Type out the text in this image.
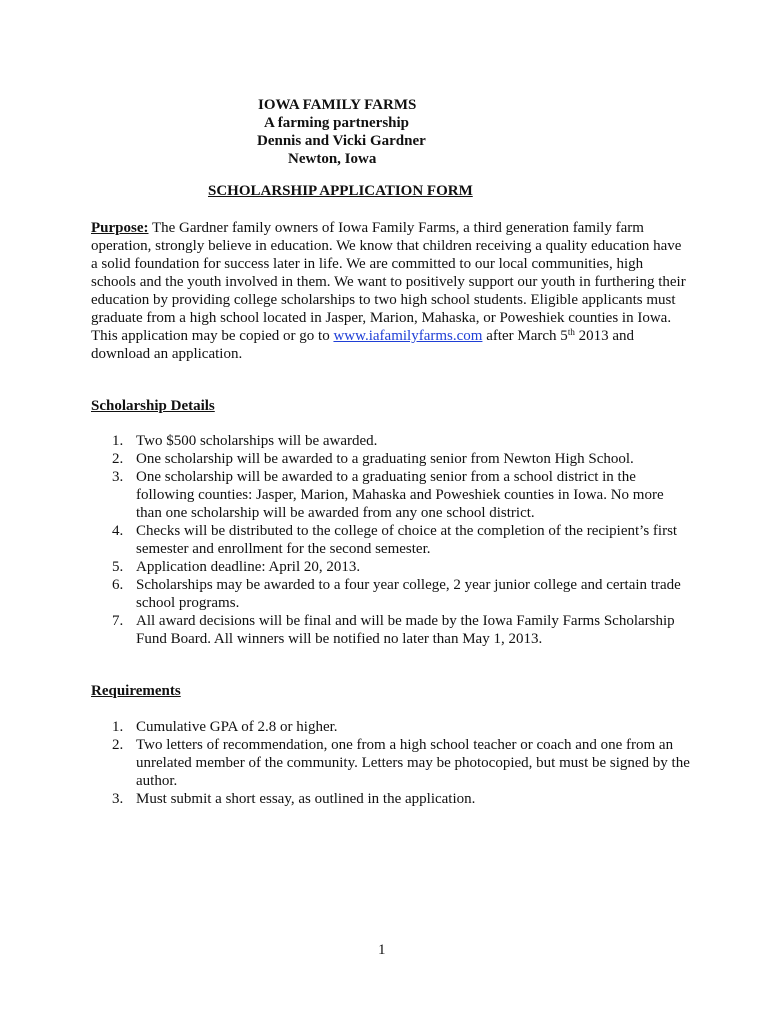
IOWA FAMILY FARMS
A farming partnership
Dennis and Vicki Gardner
Newton, Iowa
SCHOLARSHIP APPLICATION FORM
Purpose: The Gardner family owners of Iowa Family Farms, a third generation family farm operation, strongly believe in education. We know that children receiving a quality education have a solid foundation for success later in life. We are committed to our local communities, high schools and the youth involved in them. We want to positively support our youth in furthering their education by providing college scholarships to two high school students. Eligible applicants must graduate from a high school located in Jasper, Marion, Mahaska, or Poweshiek counties in Iowa. This application may be copied or go to www.iafamilyfarms.com after March 5th 2013 and download an application.
Scholarship Details
1. Two $500 scholarships will be awarded.
2. One scholarship will be awarded to a graduating senior from Newton High School.
3. One scholarship will be awarded to a graduating senior from a school district in the following counties: Jasper, Marion, Mahaska and Poweshiek counties in Iowa. No more than one scholarship will be awarded from any one school district.
4. Checks will be distributed to the college of choice at the completion of the recipient’s first semester and enrollment for the second semester.
5. Application deadline: April 20, 2013.
6. Scholarships may be awarded to a four year college, 2 year junior college and certain trade school programs.
7. All award decisions will be final and will be made by the Iowa Family Farms Scholarship Fund Board. All winners will be notified no later than May 1, 2013.
Requirements
1. Cumulative GPA of 2.8 or higher.
2. Two letters of recommendation, one from a high school teacher or coach and one from an unrelated member of the community. Letters may be photocopied, but must be signed by the author.
3. Must submit a short essay, as outlined in the application.
1
